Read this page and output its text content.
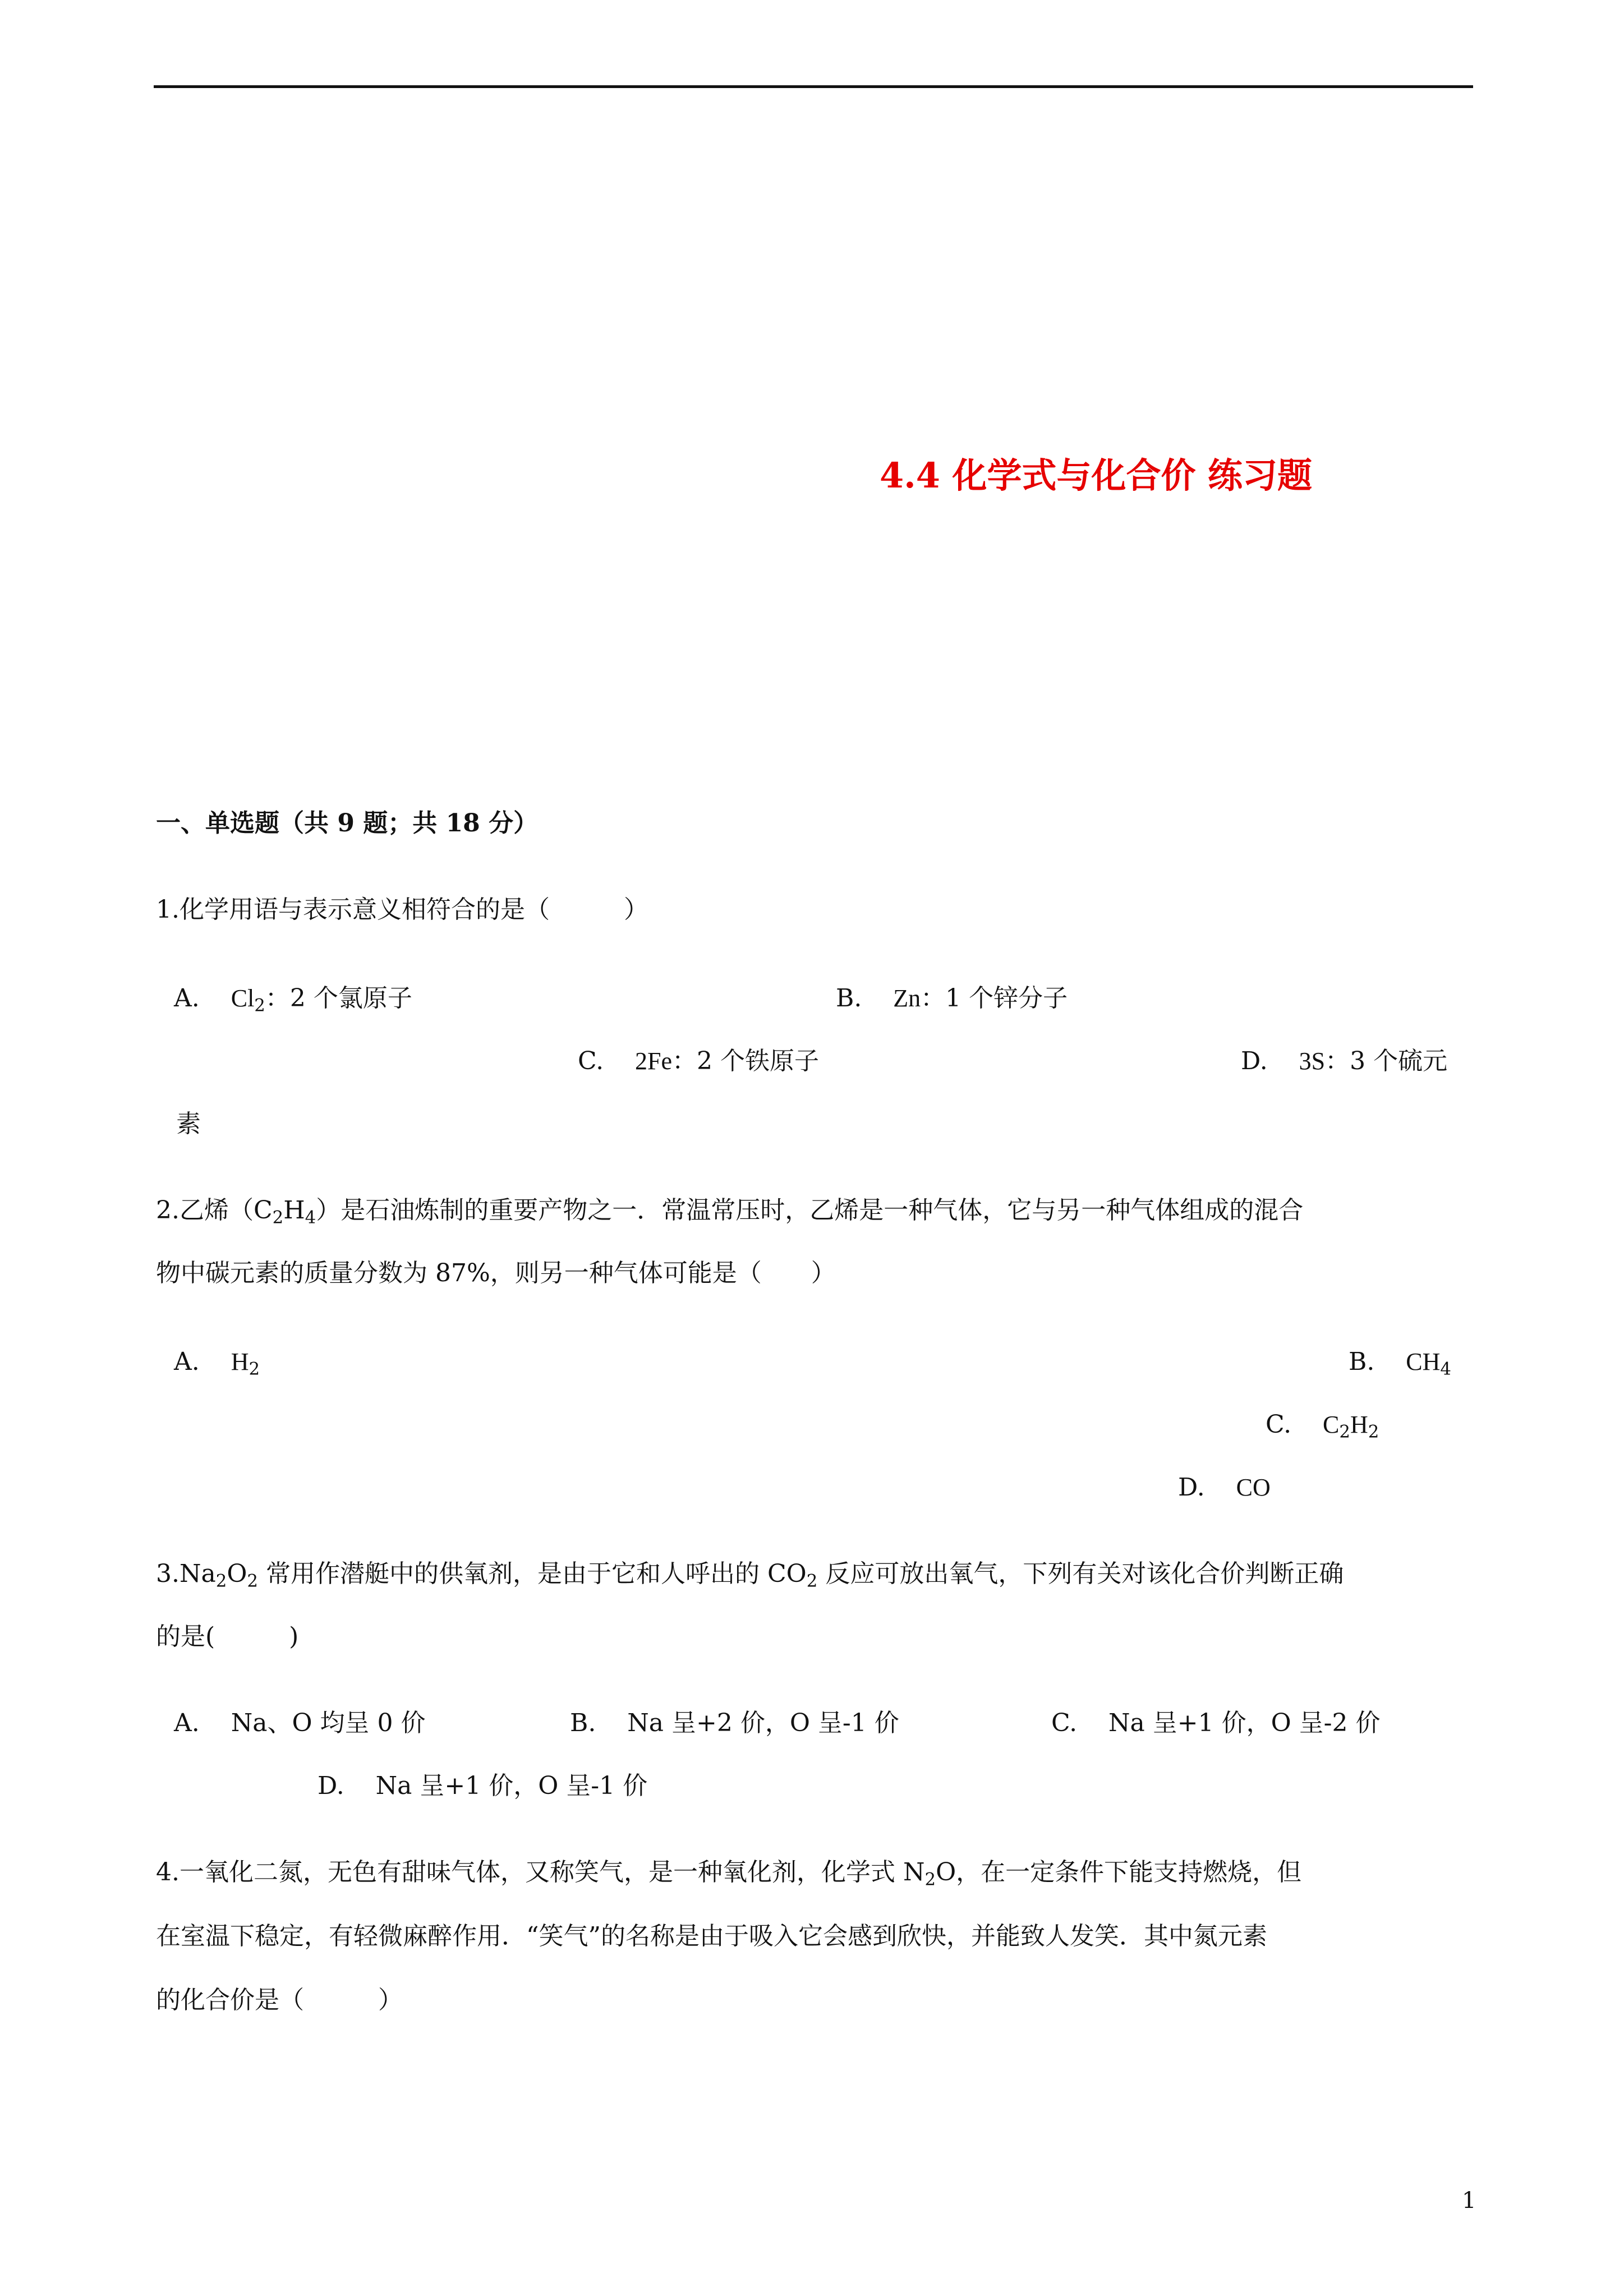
4.4 化学式与化合价 练习题
一、单选题（共 9 题；共 18 分）
1.化学用语与表示意义相符合的是（　　　）
A. $Cl_2$：2 个氯原子	B. Zn：1 个锌分子
C. 2Fe：2 个铁原子	D. 3S：3 个硫元
素
2.乙烯$(C_2H_4)$是石油炼制的重要产物之一．常温常压时，乙烯是一种气体，它与另一种气体组成的混合
物中碳元素的质量分数为 87%，则另一种气体可能是（　　）
A. $H_2$	B. $CH_4$
C. $C_2H_2$
D. CO
$3.Na_2O_2$ 常用作潜艇中的供氧剂，是由于它和人呼出的 $CO_2$ 反应可放出氧气，下列有关对该化合价判断正确
的是(　　　)
A. Na、O 均呈 0 价	B. Na 呈+2 价，O 呈-1 价	C. Na 呈+1 价，O 呈-2 价
D. Na 呈+1 价，O 呈-1 价
4.一氧化二氮，无色有甜味气体，又称笑气，是一种氧化剂，化学式 $N_2O$，在一定条件下能支持燃烧，但
在室温下稳定，有轻微麻醉作用．“笑气”的名称是由于吸入它会感到欣快，并能致人发笑．其中氮元素
的化合价是（　　　）
1
